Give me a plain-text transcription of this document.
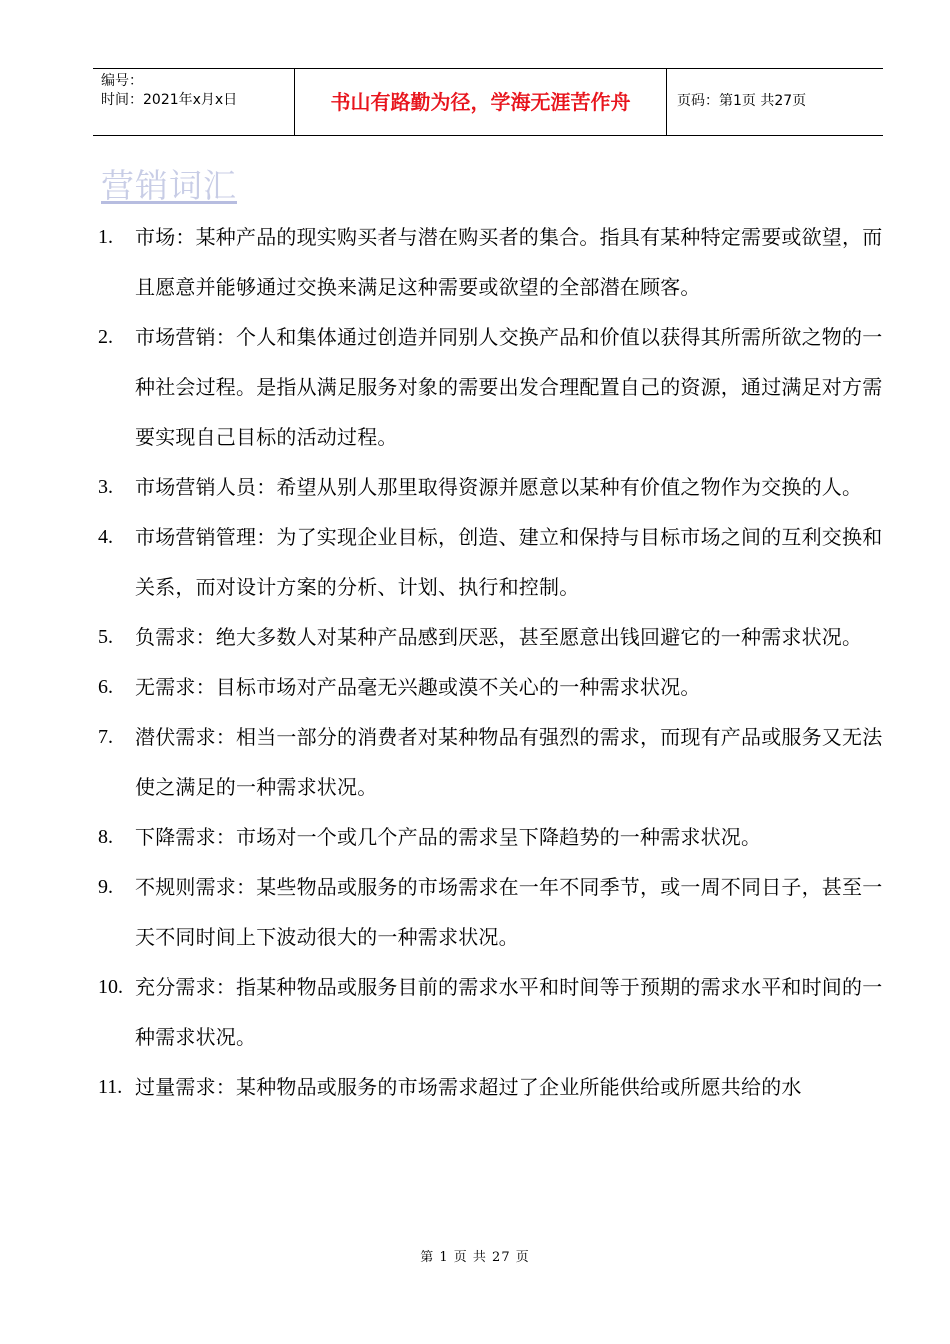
编号：
时间：2021年x月x日	书山有路勤为径，学海无涯苦作舟	页码：第1页 共27页
营销词汇
1.	市场：某种产品的现实购买者与潜在购买者的集合。指具有某种特定需要或欲望，而且愿意并能够通过交换来满足这种需要或欲望的全部潜在顾客。
2.	市场营销：个人和集体通过创造并同别人交换产品和价值以获得其所需所欲之物的一种社会过程。是指从满足服务对象的需要出发合理配置自己的资源，通过满足对方需要实现自己目标的活动过程。
3.	市场营销人员：希望从别人那里取得资源并愿意以某种有价值之物作为交换的人。
4.	市场营销管理：为了实现企业目标，创造、建立和保持与目标市场之间的互利交换和关系，而对设计方案的分析、计划、执行和控制。
5.	负需求：绝大多数人对某种产品感到厌恶，甚至愿意出钱回避它的一种需求状况。
6.	无需求：目标市场对产品毫无兴趣或漠不关心的一种需求状况。
7.	潜伏需求：相当一部分的消费者对某种物品有强烈的需求，而现有产品或服务又无法使之满足的一种需求状况。
8.	下降需求：市场对一个或几个产品的需求呈下降趋势的一种需求状况。
9.	不规则需求：某些物品或服务的市场需求在一年不同季节，或一周不同日子，甚至一天不同时间上下波动很大的一种需求状况。
10. 充分需求：指某种物品或服务目前的需求水平和时间等于预期的需求水平和时间的一种需求状况。
11. 过量需求：某种物品或服务的市场需求超过了企业所能供给或所愿共给的水
第 1 页 共 27 页
